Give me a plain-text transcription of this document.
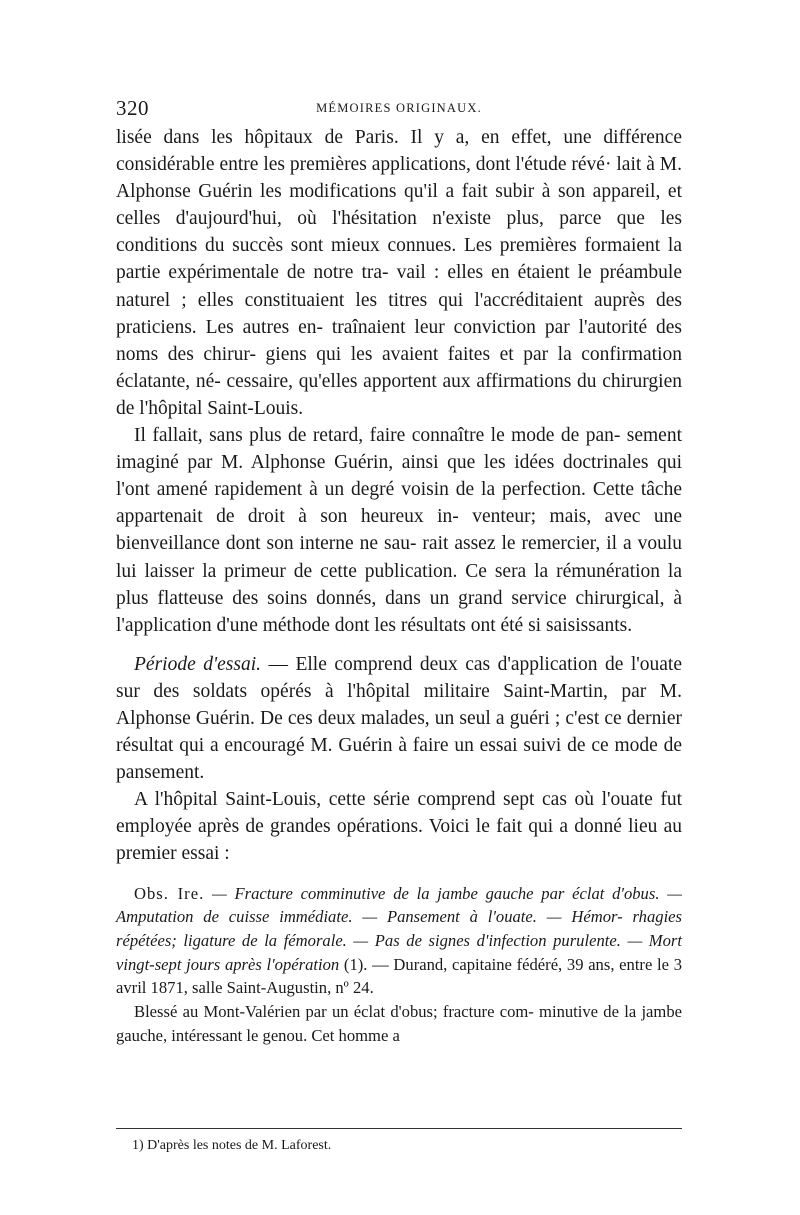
320	MÉMOIRES ORIGINAUX.

lisée dans les hôpitaux de Paris. Il y a, en effet, une différence considérable entre les premières applications, dont l'étude révé· lait à M. Alphonse Guérin les modifications qu'il a fait subir à son appareil, et celles d'aujourd'hui, où l'hésitation n'existe plus, parce que les conditions du succès sont mieux connues. Les premières formaient la partie expérimentale de notre tra- vail : elles en étaient le préambule naturel ; elles constituaient les titres qui l'accréditaient auprès des praticiens. Les autres en- traînaient leur conviction par l'autorité des noms des chirur- giens qui les avaient faites et par la confirmation éclatante, né- cessaire, qu'elles apportent aux affirmations du chirurgien de l'hôpital Saint-Louis.

Il fallait, sans plus de retard, faire connaître le mode de pan- sement imaginé par M. Alphonse Guérin, ainsi que les idées doctrinales qui l'ont amené rapidement à un degré voisin de la perfection. Cette tâche appartenait de droit à son heureux in- venteur; mais, avec une bienveillance dont son interne ne sau- rait assez le remercier, il a voulu lui laisser la primeur de cette publication. Ce sera la rémunération la plus flatteuse des soins donnés, dans un grand service chirurgical, à l'application d'une méthode dont les résultats ont été si saisissants.

Période d'essai. — Elle comprend deux cas d'application de l'ouate sur des soldats opérés à l'hôpital militaire Saint-Martin, par M. Alphonse Guérin. De ces deux malades, un seul a guéri ; c'est ce dernier résultat qui a encouragé M. Guérin à faire un essai suivi de ce mode de pansement.

A l'hôpital Saint-Louis, cette série comprend sept cas où l'ouate fut employée après de grandes opérations. Voici le fait qui a donné lieu au premier essai :

Obs. Ire. — Fracture comminutive de la jambe gauche par éclat d'obus. — Amputation de cuisse immédiate. — Pansement à l'ouate. — Hémor- rhagies répétées; ligature de la fémorale. — Pas de signes d'infection purulente. — Mort vingt-sept jours après l'opération (1). — Durand, capitaine fédéré, 39 ans, entre le 3 avril 1871, salle Saint-Augustin, nº 24.

Blessé au Mont-Valérien par un éclat d'obus; fracture com- minutive de la jambe gauche, intéressant le genou. Cet homme a

1) D'après les notes de M. Laforest.
